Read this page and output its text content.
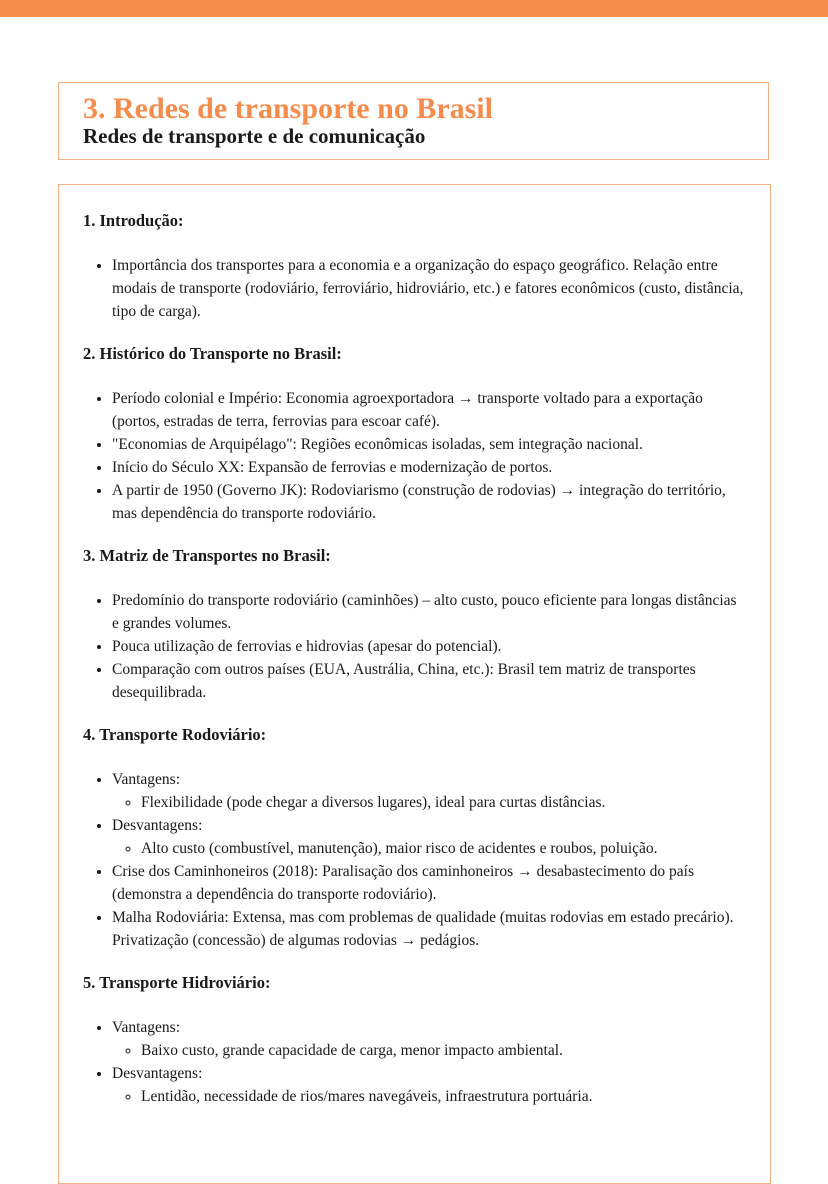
3. Redes de transporte no Brasil
Redes de transporte e de comunicação
1. Introdução:
• Importância dos transportes para a economia e a organização do espaço geográfico. Relação entre modais de transporte (rodoviário, ferroviário, hidroviário, etc.) e fatores econômicos (custo, distância, tipo de carga).
2. Histórico do Transporte no Brasil:
• Período colonial e Império: Economia agroexportadora → transporte voltado para a exportação (portos, estradas de terra, ferrovias para escoar café).
• "Economias de Arquipélago": Regiões econômicas isoladas, sem integração nacional.
• Início do Século XX: Expansão de ferrovias e modernização de portos.
• A partir de 1950 (Governo JK): Rodoviarismo (construção de rodovias) → integração do território, mas dependência do transporte rodoviário.
3. Matriz de Transportes no Brasil:
• Predomínio do transporte rodoviário (caminhões) – alto custo, pouco eficiente para longas distâncias e grandes volumes.
• Pouca utilização de ferrovias e hidrovias (apesar do potencial).
• Comparação com outros países (EUA, Austrália, China, etc.): Brasil tem matriz de transportes desequilibrada.
4. Transporte Rodoviário:
• Vantagens:
◦ Flexibilidade (pode chegar a diversos lugares), ideal para curtas distâncias.
• Desvantagens:
◦ Alto custo (combustível, manutenção), maior risco de acidentes e roubos, poluição.
• Crise dos Caminhoneiros (2018): Paralisação dos caminhoneiros → desabastecimento do país (demonstra a dependência do transporte rodoviário).
• Malha Rodoviária: Extensa, mas com problemas de qualidade (muitas rodovias em estado precário). Privatização (concessão) de algumas rodovias → pedágios.
5. Transporte Hidroviário:
• Vantagens:
◦ Baixo custo, grande capacidade de carga, menor impacto ambiental.
• Desvantagens:
◦ Lentidão, necessidade de rios/mares navegáveis, infraestrutura portuária.
